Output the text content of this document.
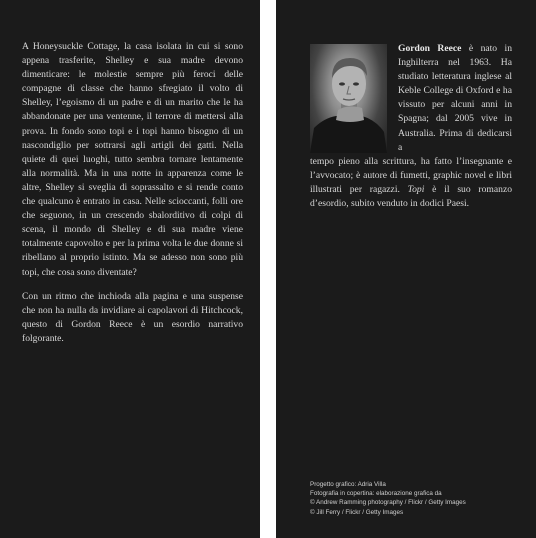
A Honeysuckle Cottage, la casa isolata in cui si sono appena trasferite, Shelley e sua madre devono dimenticare: le molestie sempre più feroci delle compagne di classe che hanno sfregiato il volto di Shelley, l’egoismo di un padre e di un marito che le ha abbandonate per una ventenne, il terrore di mettersi alla prova. In fondo sono topi e i topi hanno bisogno di un nascondiglio per sottrarsi agli artigli dei gatti. Nella quiete di quei luoghi, tutto sembra tornare lentamente alla normalità. Ma in una notte in apparenza come le altre, Shelley si sveglia di soprassalto e si rende conto che qualcuno è entrato in casa. Nelle scioccanti, folli ore che seguono, in un crescendo sbalorditivo di colpi di scena, il mondo di Shelley e di sua madre viene totalmente capovolto e per la prima volta le due donne si ribellano al proprio istinto. Ma se adesso non sono più topi, che cosa sono diventate?

Con un ritmo che inchioda alla pagina e una suspense che non ha nulla da invidiare ai capolavori di Hitchcock, questo di Gordon Reece è un esordio narrativo folgorante.

Gordon Reece è nato in Inghilterra nel 1963. Ha studiato letteratura inglese al Keble College di Oxford e ha vissuto per alcuni anni in Spagna; dal 2005 vive in Australia. Prima di dedicarsi a

tempo pieno alla scrittura, ha fatto l’insegnante e l’avvocato; è autore di fumetti, graphic novel e libri illustrati per ragazzi. Topi è il suo romanzo d’esordio, subito venduto in dodici Paesi.

Progetto grafico: Adria Villa
Fotografia in copertina: elaborazione grafica da
© Andrew Ramming photography / Flickr / Getty Images
© Jill Ferry / Flickr / Getty Images
